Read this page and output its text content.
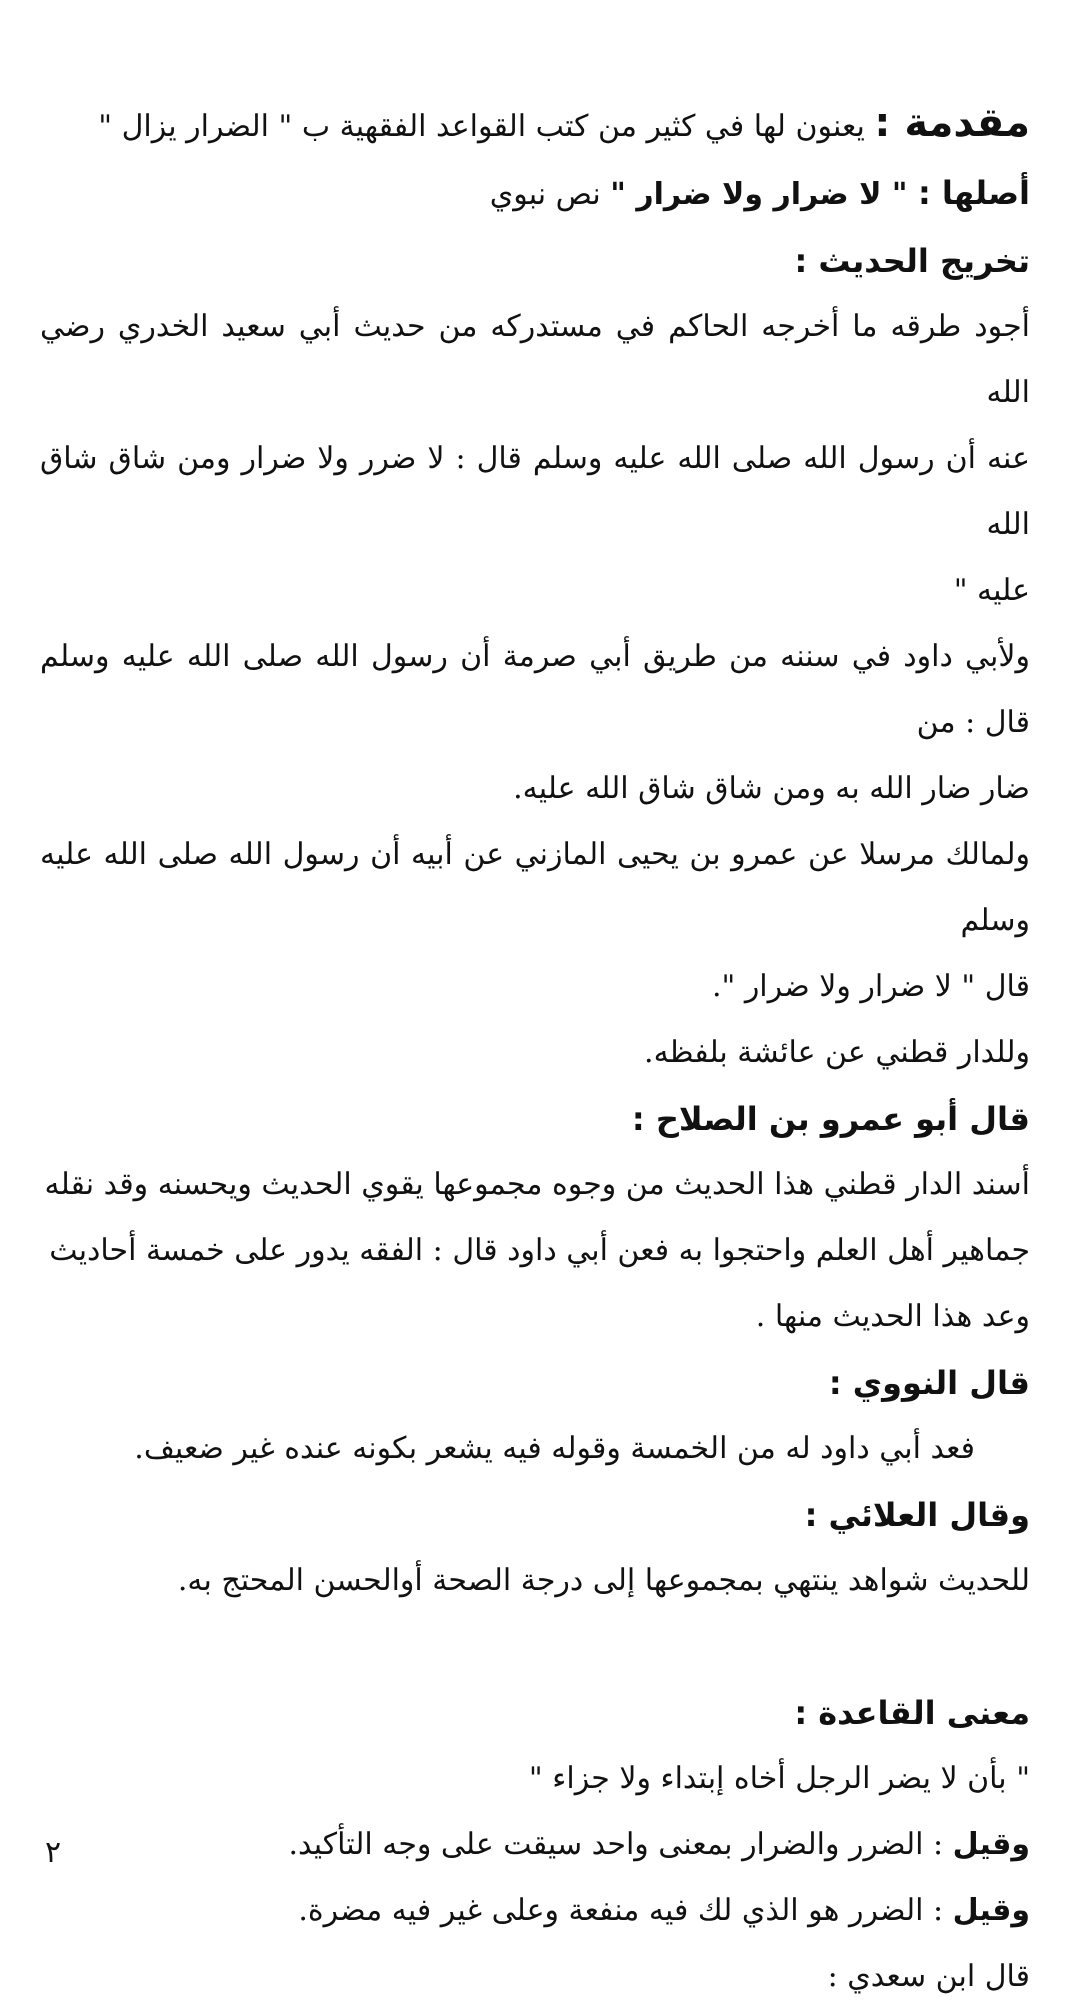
مقدمة : يعنون لها في كثير من كتب القواعد الفقهية ب " الضرار يزال "

أصلها : " لا ضرار ولا ضرار " نص نبوي

تخريج الحديث :

أجود طرقه ما أخرجه الحاكم في مستدركه من حديث أبي سعيد الخدري رضي الله

عنه أن رسول الله صلى الله عليه وسلم قال : لا ضرر ولا ضرار ومن شاق شاق الله

عليه "

ولأبي داود في سننه من طريق أبي صرمة أن رسول الله صلى الله عليه وسلم قال : من

ضار ضار الله به ومن شاق شاق الله عليه.

ولمالك مرسلا عن عمرو بن يحيى المازني عن أبيه أن رسول الله صلى الله عليه وسلم

قال " لا ضرار ولا ضرار ".

وللدار قطني عن عائشة بلفظه.

قال أبو عمرو بن الصلاح :

أسند الدار قطني هذا الحديث من وجوه مجموعها يقوي الحديث ويحسنه وقد نقله

جماهير أهل العلم واحتجوا به فعن أبي داود قال : الفقه يدور على خمسة أحاديث

وعد هذا الحديث منها .

قال النووي :

فعد أبي داود له من الخمسة وقوله فيه يشعر بكونه عنده غير ضعيف.

وقال العلائي :

للحديث شواهد ينتهي بمجموعها إلى درجة الصحة أوالحسن المحتج به.

معنى القاعدة :

" بأن لا يضر الرجل أخاه إبتداء ولا جزاء "

وقيل : الضرر والضرار بمعنى واحد سيقت على وجه التأكيد.

وقيل : الضرر هو الذي لك فيه منفعة وعلى غير فيه مضرة.

قال ابن سعدي :

٢
